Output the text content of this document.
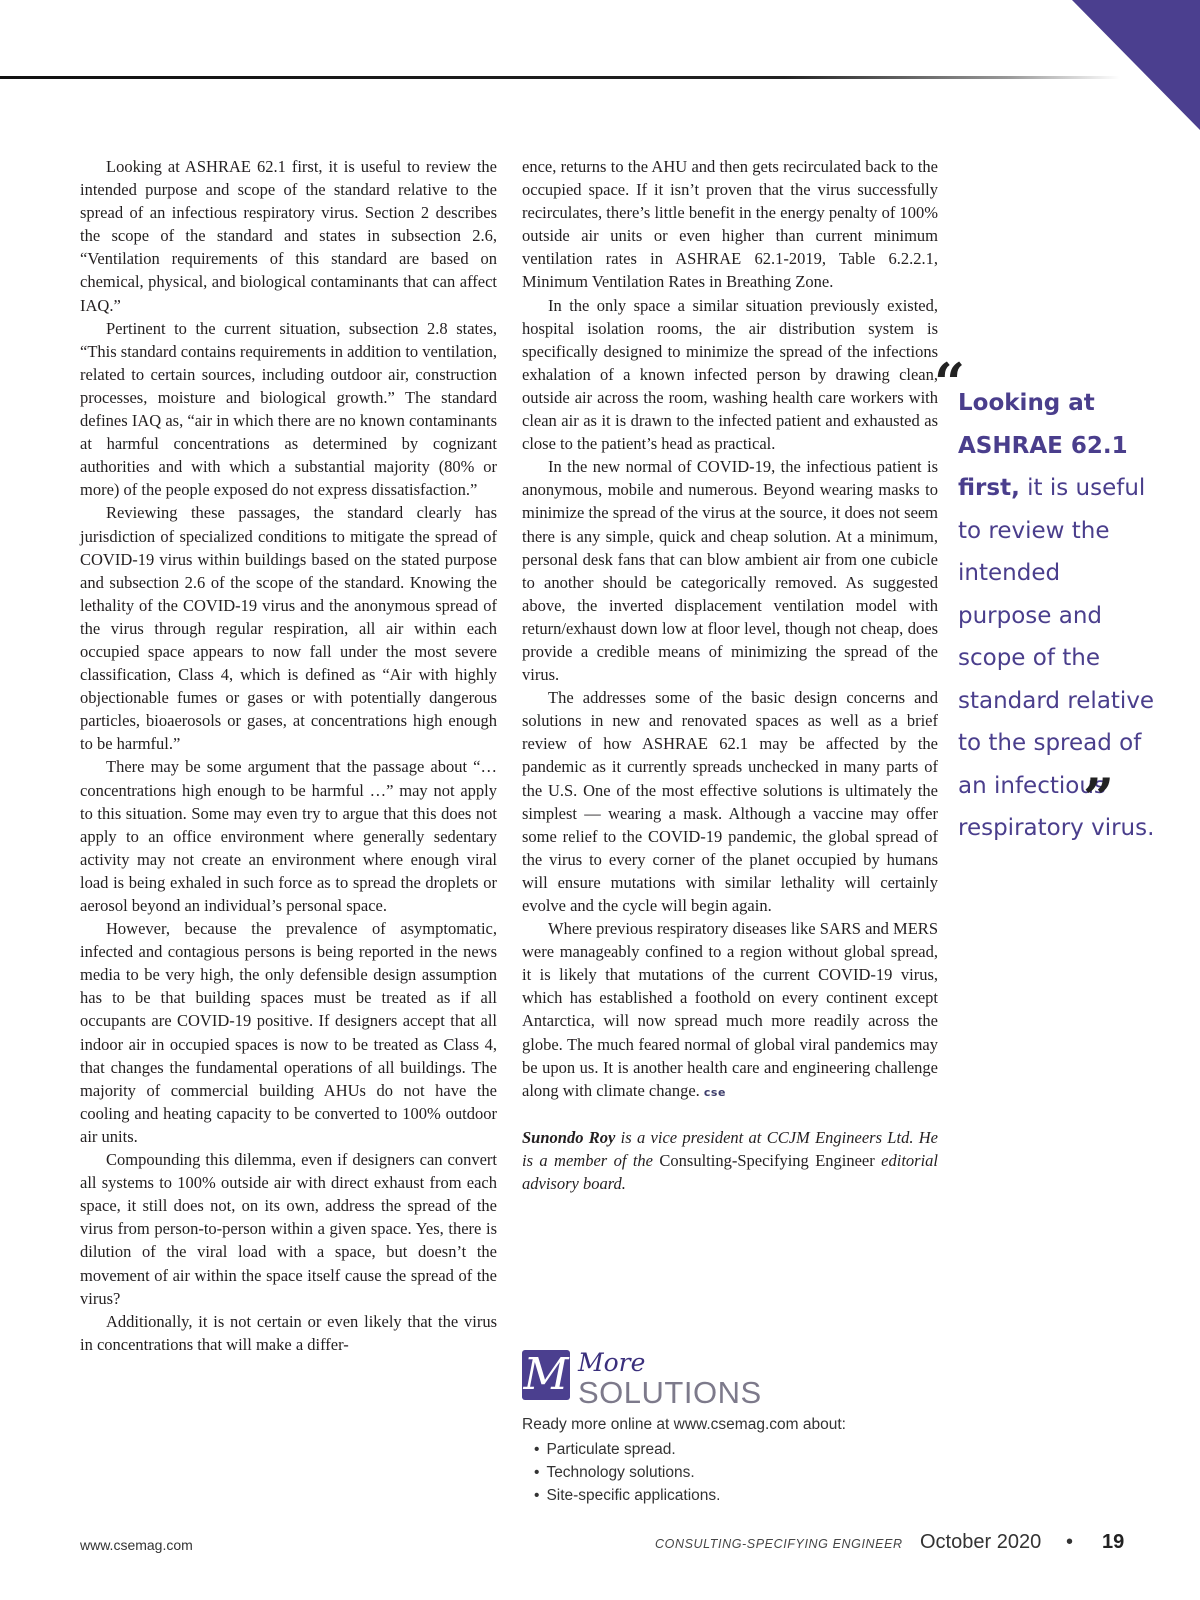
Looking at ASHRAE 62.1 first, it is useful to review the intended purpose and scope of the standard relative to the spread of an infectious respiratory virus. Section 2 describes the scope of the standard and states in subsection 2.6, “Ventilation requirements of this standard are based on chemical, physical, and biological contaminants that can affect IAQ.”

Pertinent to the current situation, subsection 2.8 states, “This standard contains requirements in addition to ventilation, related to certain sources, including outdoor air, construction processes, moisture and biological growth.” The standard defines IAQ as, “air in which there are no known contaminants at harmful concentrations as determined by cognizant authorities and with which a substantial majority (80% or more) of the people exposed do not express dissatisfaction.”

Reviewing these passages, the standard clearly has jurisdiction of specialized conditions to mitigate the spread of COVID-19 virus within buildings based on the stated purpose and subsection 2.6 of the scope of the standard. Knowing the lethality of the COVID-19 virus and the anonymous spread of the virus through regular respiration, all air within each occupied space appears to now fall under the most severe classification, Class 4, which is defined as “Air with highly objectionable fumes or gases or with potentially dangerous particles, bioaerosols or gases, at concentrations high enough to be harmful.”

There may be some argument that the passage about “… concentrations high enough to be harmful …” may not apply to this situation. Some may even try to argue that this does not apply to an office environment where generally sedentary activity may not create an environment where enough viral load is being exhaled in such force as to spread the droplets or aerosol beyond an individual’s personal space.

However, because the prevalence of asymptomatic, infected and contagious persons is being reported in the news media to be very high, the only defensible design assumption has to be that building spaces must be treated as if all occupants are COVID-19 positive. If designers accept that all indoor air in occupied spaces is now to be treated as Class 4, that changes the fundamental operations of all buildings. The majority of commercial building AHUs do not have the cooling and heating capacity to be converted to 100% outdoor air units.

Compounding this dilemma, even if designers can convert all systems to 100% outside air with direct exhaust from each space, it still does not, on its own, address the spread of the virus from person-to-person within a given space. Yes, there is dilution of the viral load with a space, but doesn’t the movement of air within the space itself cause the spread of the virus?

Additionally, it is not certain or even likely that the virus in concentrations that will make a differ-

ence, returns to the AHU and then gets recirculated back to the occupied space. If it isn’t proven that the virus successfully recirculates, there’s little benefit in the energy penalty of 100% outside air units or even higher than current minimum ventilation rates in ASHRAE 62.1-2019, Table 6.2.2.1, Minimum Ventilation Rates in Breathing Zone.

In the only space a similar situation previously existed, hospital isolation rooms, the air distribution system is specifically designed to minimize the spread of the infections exhalation of a known infected person by drawing clean, outside air across the room, washing health care workers with clean air as it is drawn to the infected patient and exhausted as close to the patient’s head as practical.

In the new normal of COVID-19, the infectious patient is anonymous, mobile and numerous. Beyond wearing masks to minimize the spread of the virus at the source, it does not seem there is any simple, quick and cheap solution. At a minimum, personal desk fans that can blow ambient air from one cubicle to another should be categorically removed. As suggested above, the inverted displacement ventilation model with return/exhaust down low at floor level, though not cheap, does provide a credible means of minimizing the spread of the virus.

The addresses some of the basic design concerns and solutions in new and renovated spaces as well as a brief review of how ASHRAE 62.1 may be affected by the pandemic as it currently spreads unchecked in many parts of the U.S. One of the most effective solutions is ultimately the simplest — wearing a mask. Although a vaccine may offer some relief to the COVID-19 pandemic, the global spread of the virus to every corner of the planet occupied by humans will ensure mutations with similar lethality will certainly evolve and the cycle will begin again.

Where previous respiratory diseases like SARS and MERS were manageably confined to a region without global spread, it is likely that mutations of the current COVID-19 virus, which has established a foothold on every continent except Antarctica, will now spread much more readily across the globe. The much feared normal of global viral pandemics may be upon us. It is another health care and engineering challenge along with climate change. cse

Sunondo Roy is a vice president at CCJM Engineers Ltd. He is a member of the Consulting-Specifying Engineer editorial advisory board.

M More
SOLUTIONS
Ready more online at www.csemag.com about:
• Particulate spread.
• Technology solutions.
• Site-specific applications.
“
Looking at ASHRAE 62.1 first, it is useful to review the intended purpose and scope of the standard relative to the spread of an infectious respiratory virus.
”
www.csemag.com	CONSULTING-SPECIFYING ENGINEER October 2020 • 19
